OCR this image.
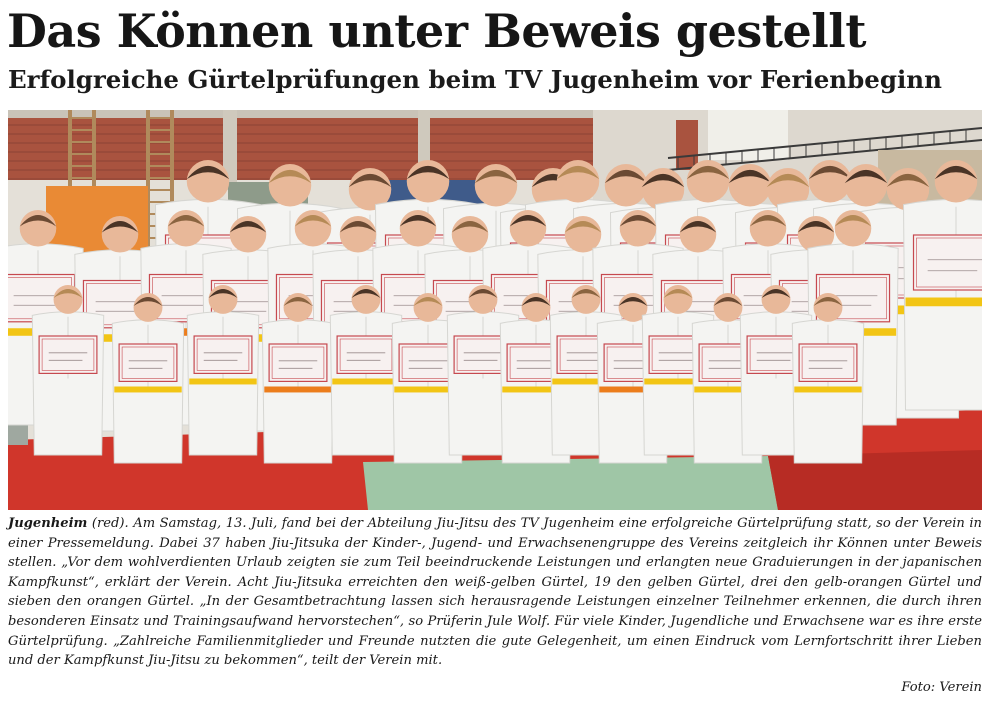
Das Können unter Beweis gestellt
Erfolgreiche Gürtelprüfungen beim TV Jugenheim vor Ferienbeginn

Jugenheim (red). Am Samstag, 13. Juli, fand bei der Abteilung Jiu-Jitsu des TV Jugenheim eine erfolgreiche Gürtelprüfung statt, so der Verein in einer Pressemeldung. Dabei 37 haben Jiu-Jitsuka der Kinder-, Jugend- und Erwachsenengruppe des Vereins zeitgleich ihr Können unter Beweis stellen. „Vor dem wohlverdienten Urlaub zeigten sie zum Teil beeindruckende Leistungen und erlangten neue Graduierungen in der japanischen Kampfkunst“, erklärt der Verein. Acht Jiu-Jitsuka erreichten den weiß-gelben Gürtel, 19 den gelben Gürtel, drei den gelb-orangen Gürtel und sieben den orangen Gürtel. „In der Gesamtbetrachtung lassen sich herausragende Leistungen einzelner Teilnehmer erkennen, die durch ihren besonderen Einsatz und Trainingsaufwand hervorstechen“, so Prüferin Jule Wolf. Für viele Kinder, Jugendliche und Erwachsene war es ihre erste Gürtelprüfung. „Zahlreiche Familienmitglieder und Freunde nutzten die gute Gelegenheit, um einen Eindruck vom Lernfortschritt ihrer Lieben und der Kampfkunst Jiu-Jitsu zu bekommen“, teilt der Verein mit.

Foto: Verein
